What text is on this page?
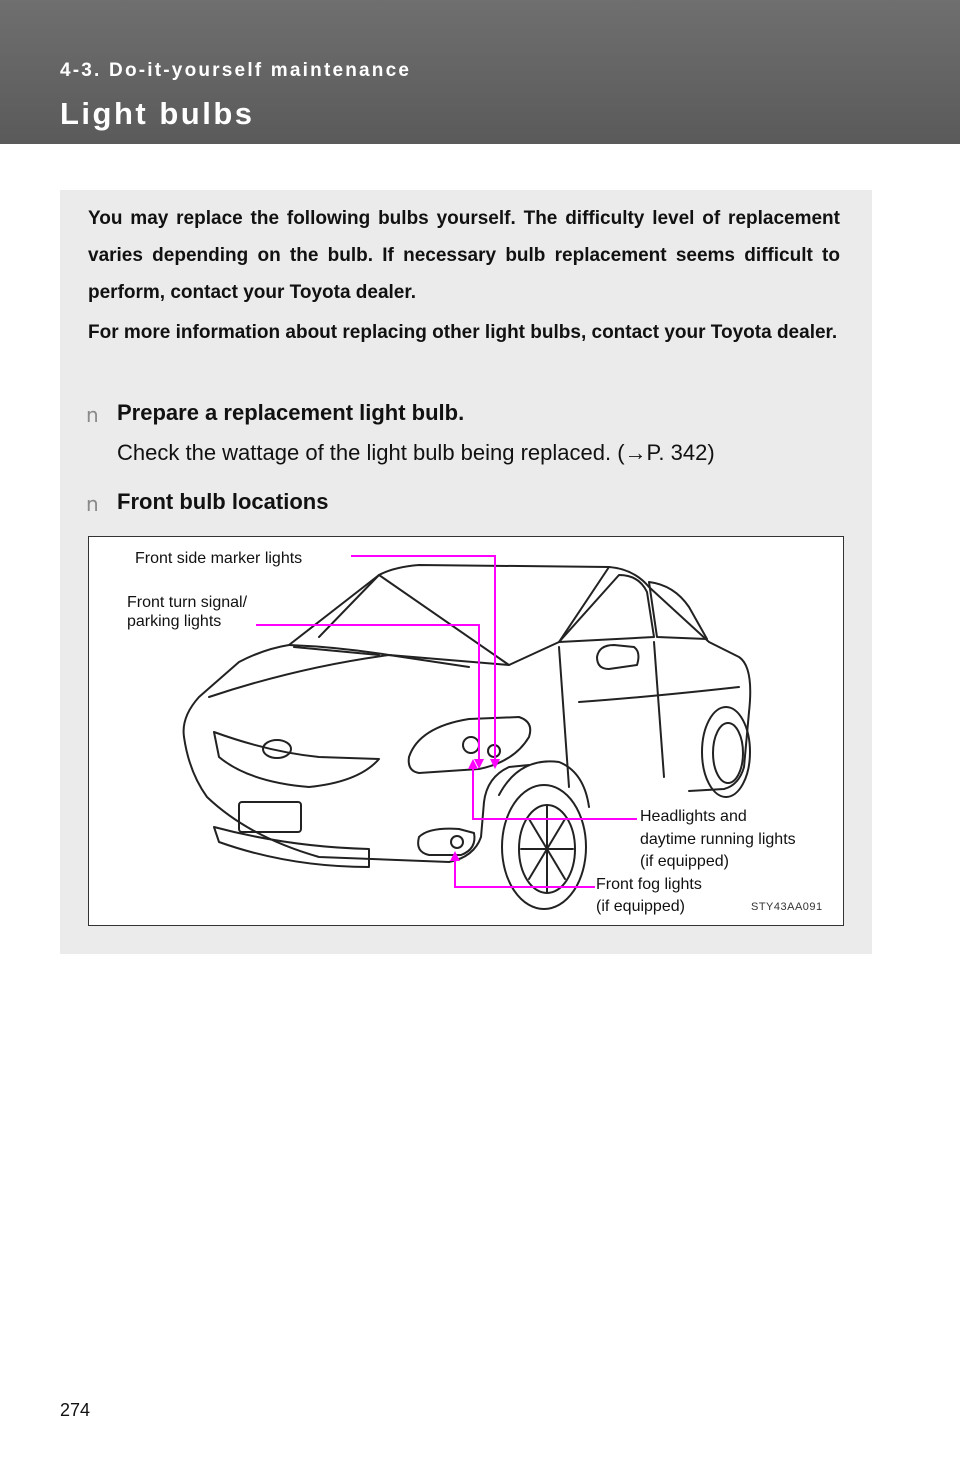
4-3. Do-it-yourself maintenance
Light bulbs

You may replace the following bulbs yourself. The difficulty level of replacement varies depending on the bulb. If necessary bulb replacement seems difficult to perform, contact your Toyota dealer.

For more information about replacing other light bulbs, contact your Toyota dealer.

n Prepare a replacement light bulb.

Check the wattage of the light bulb being replaced. (→P. 342)

n Front bulb locations

Front side marker lights

Front turn signal/

parking lights

Headlights and

daytime running lights

(if equipped)

Front fog lights

(if equipped)	STY43AA091

274
